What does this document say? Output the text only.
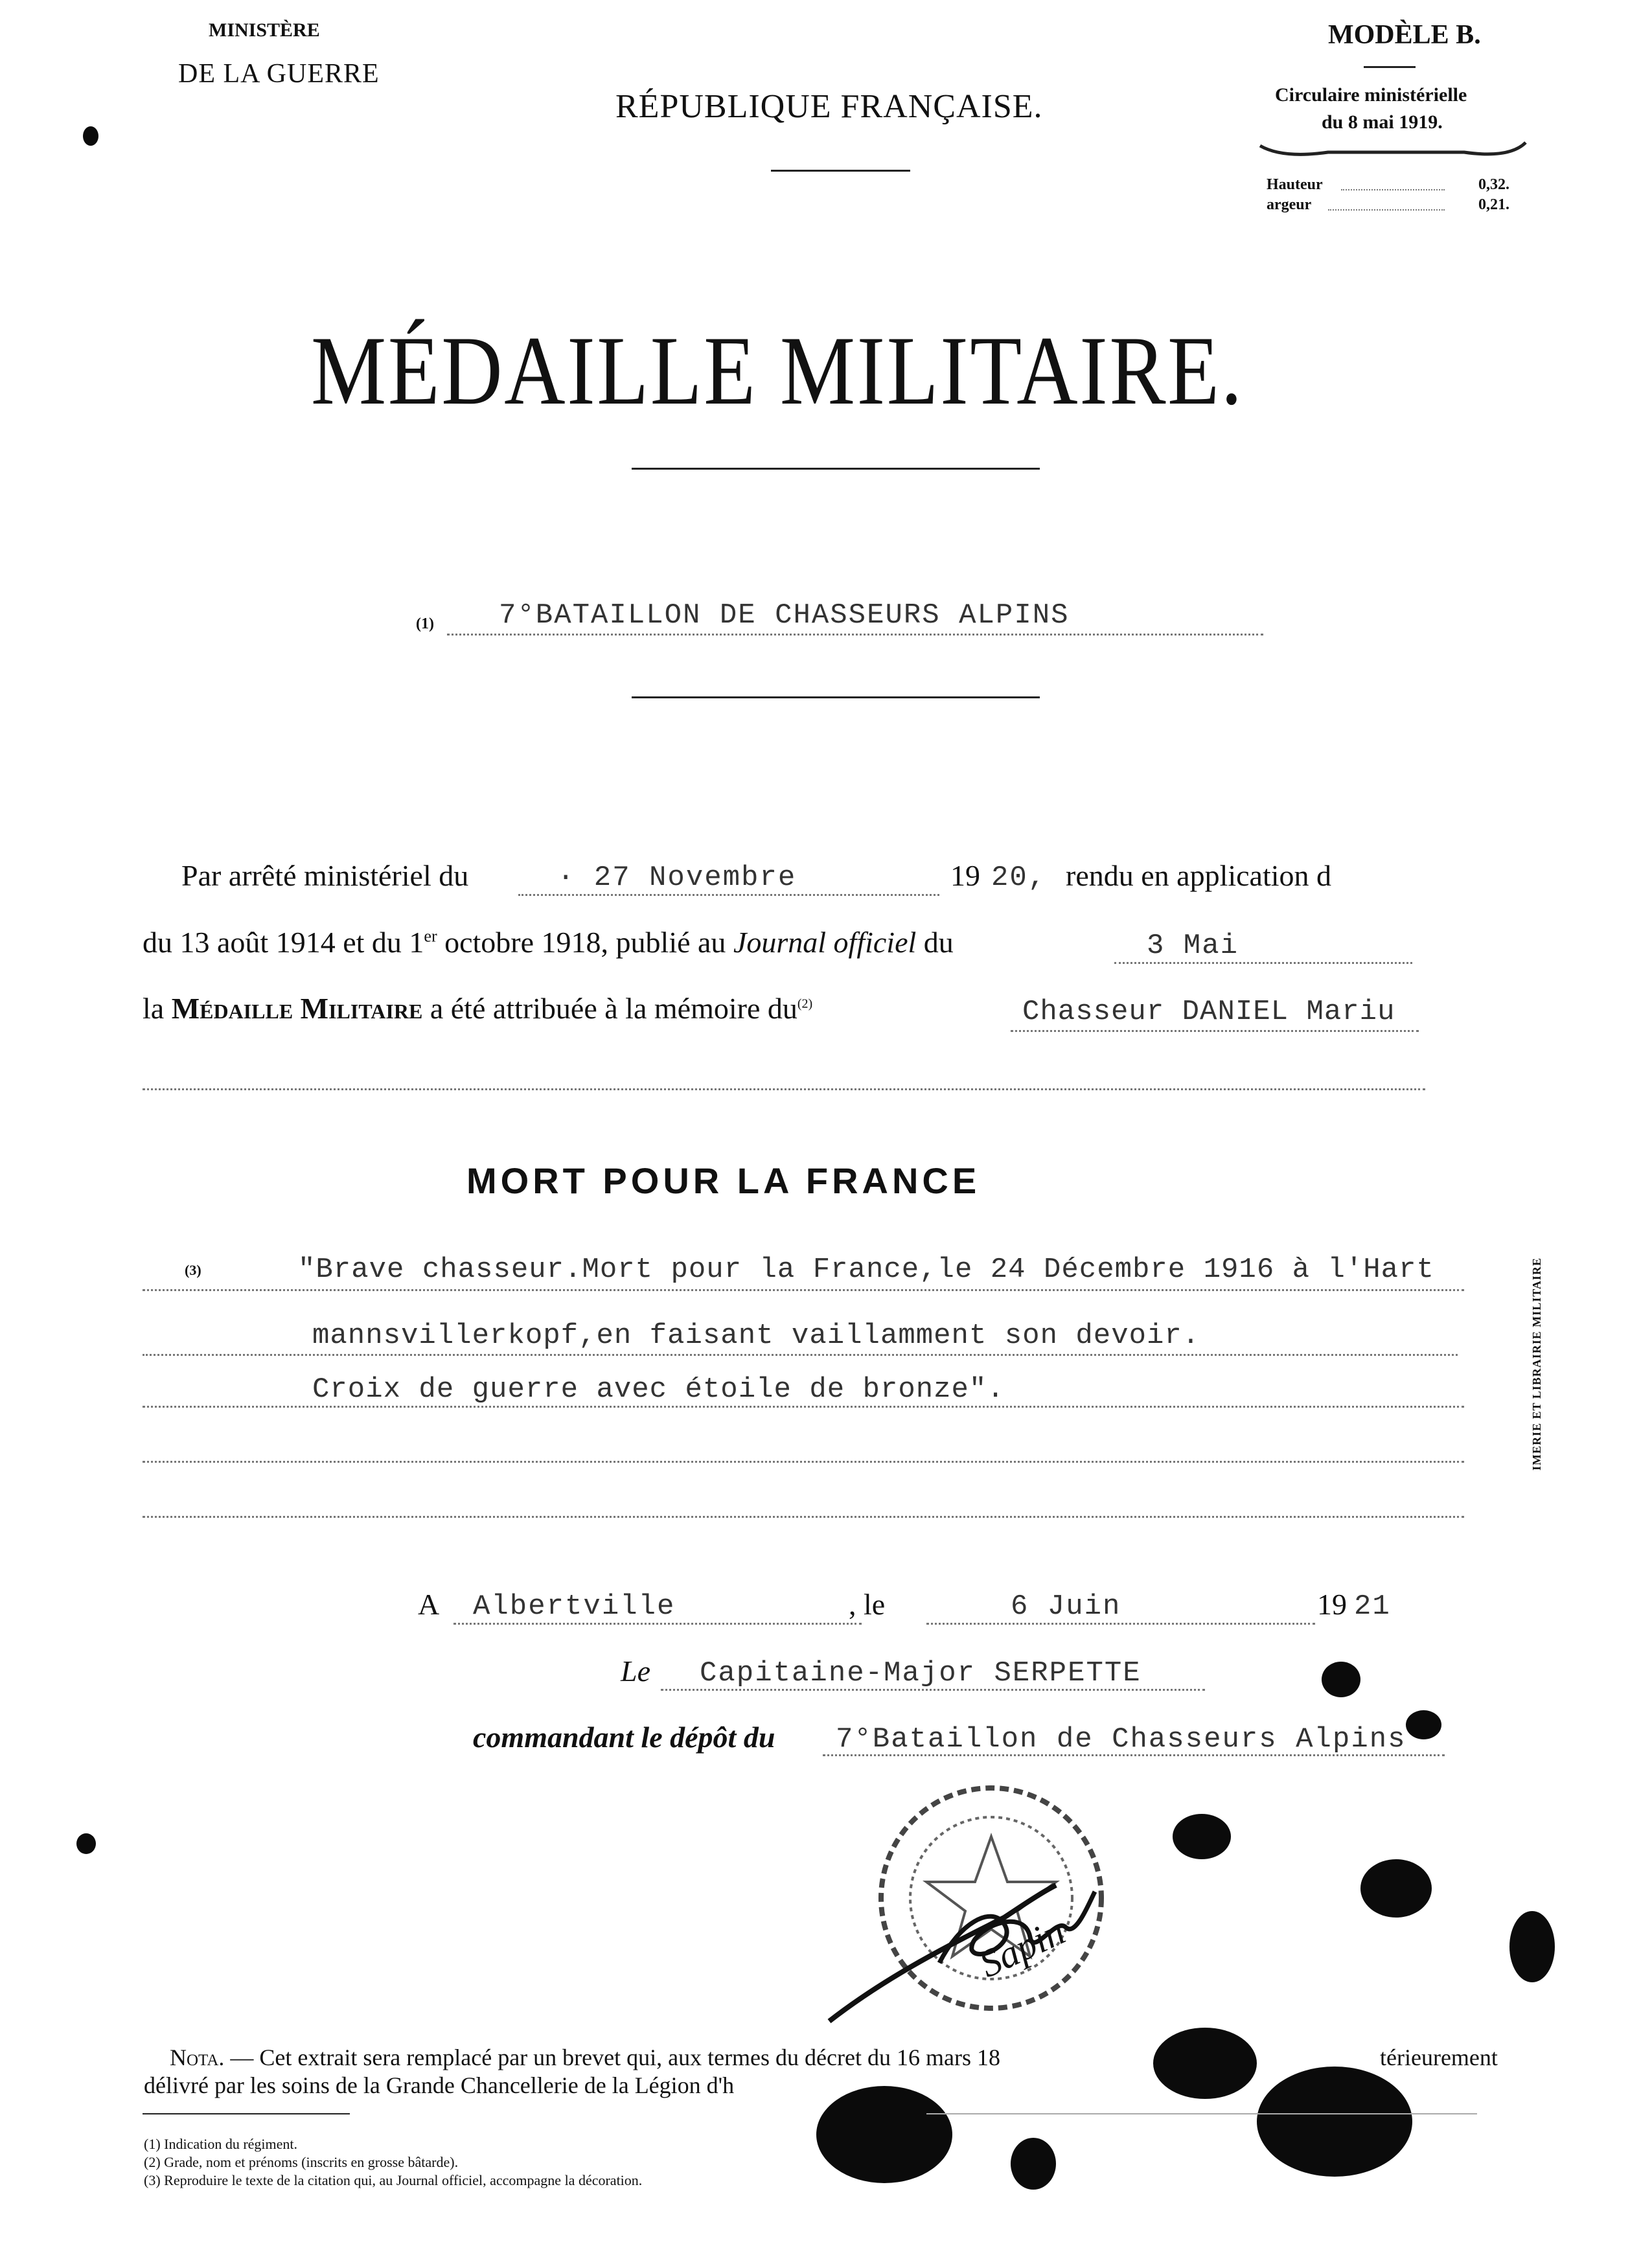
MINISTÈRE
DE LA GUERRE
RÉPUBLIQUE FRANÇAISE.
MODÈLE B.
Circulaire ministérielle
du 8 mai 1919.
Hauteur	0,32.
argeur	0,21.
MÉDAILLE MILITAIRE.
(1) 7°BATAILLON DE CHASSEURS ALPINS
Par arrêté ministériel du	· 27 Novembre	19 20, rendu en application d
du 13 août 1914 et du 1er octobre 1918, publié au Journal officiel du	3 Mai
la Médaille Militaire a été attribuée à la mémoire $du^{(2)}$	Chasseur DANIEL Mariu
MORT POUR LA FRANCE
(3)	"Brave chasseur.Mort pour la France,le 24 Décembre 1916 à l'Hart
mannsvillerkopf,en faisant vaillamment son devoir.
Croix de guerre avec étoile de bronze".
A Albertville	, le	6 Juin	19 21
Le Capitaine-Major SERPETTE
commandant le dépôt du 7°Bataillon de Chasseurs Alpins
Sapin
Nota. — Cet extrait sera remplacé par un brevet qui, aux termes du décret du 16 mars 18	térieurement
délivré par les soins de la Grande Chancellerie de la Légion d'h
(1) Indication du régiment.
(2) Grade, nom et prénoms (inscrits en grosse bâtarde).
(3) Reproduire le texte de la citation qui, au Journal officiel, accompagne la décoration.
IMERIE ET LIBRAIRIE MILITAIRE
